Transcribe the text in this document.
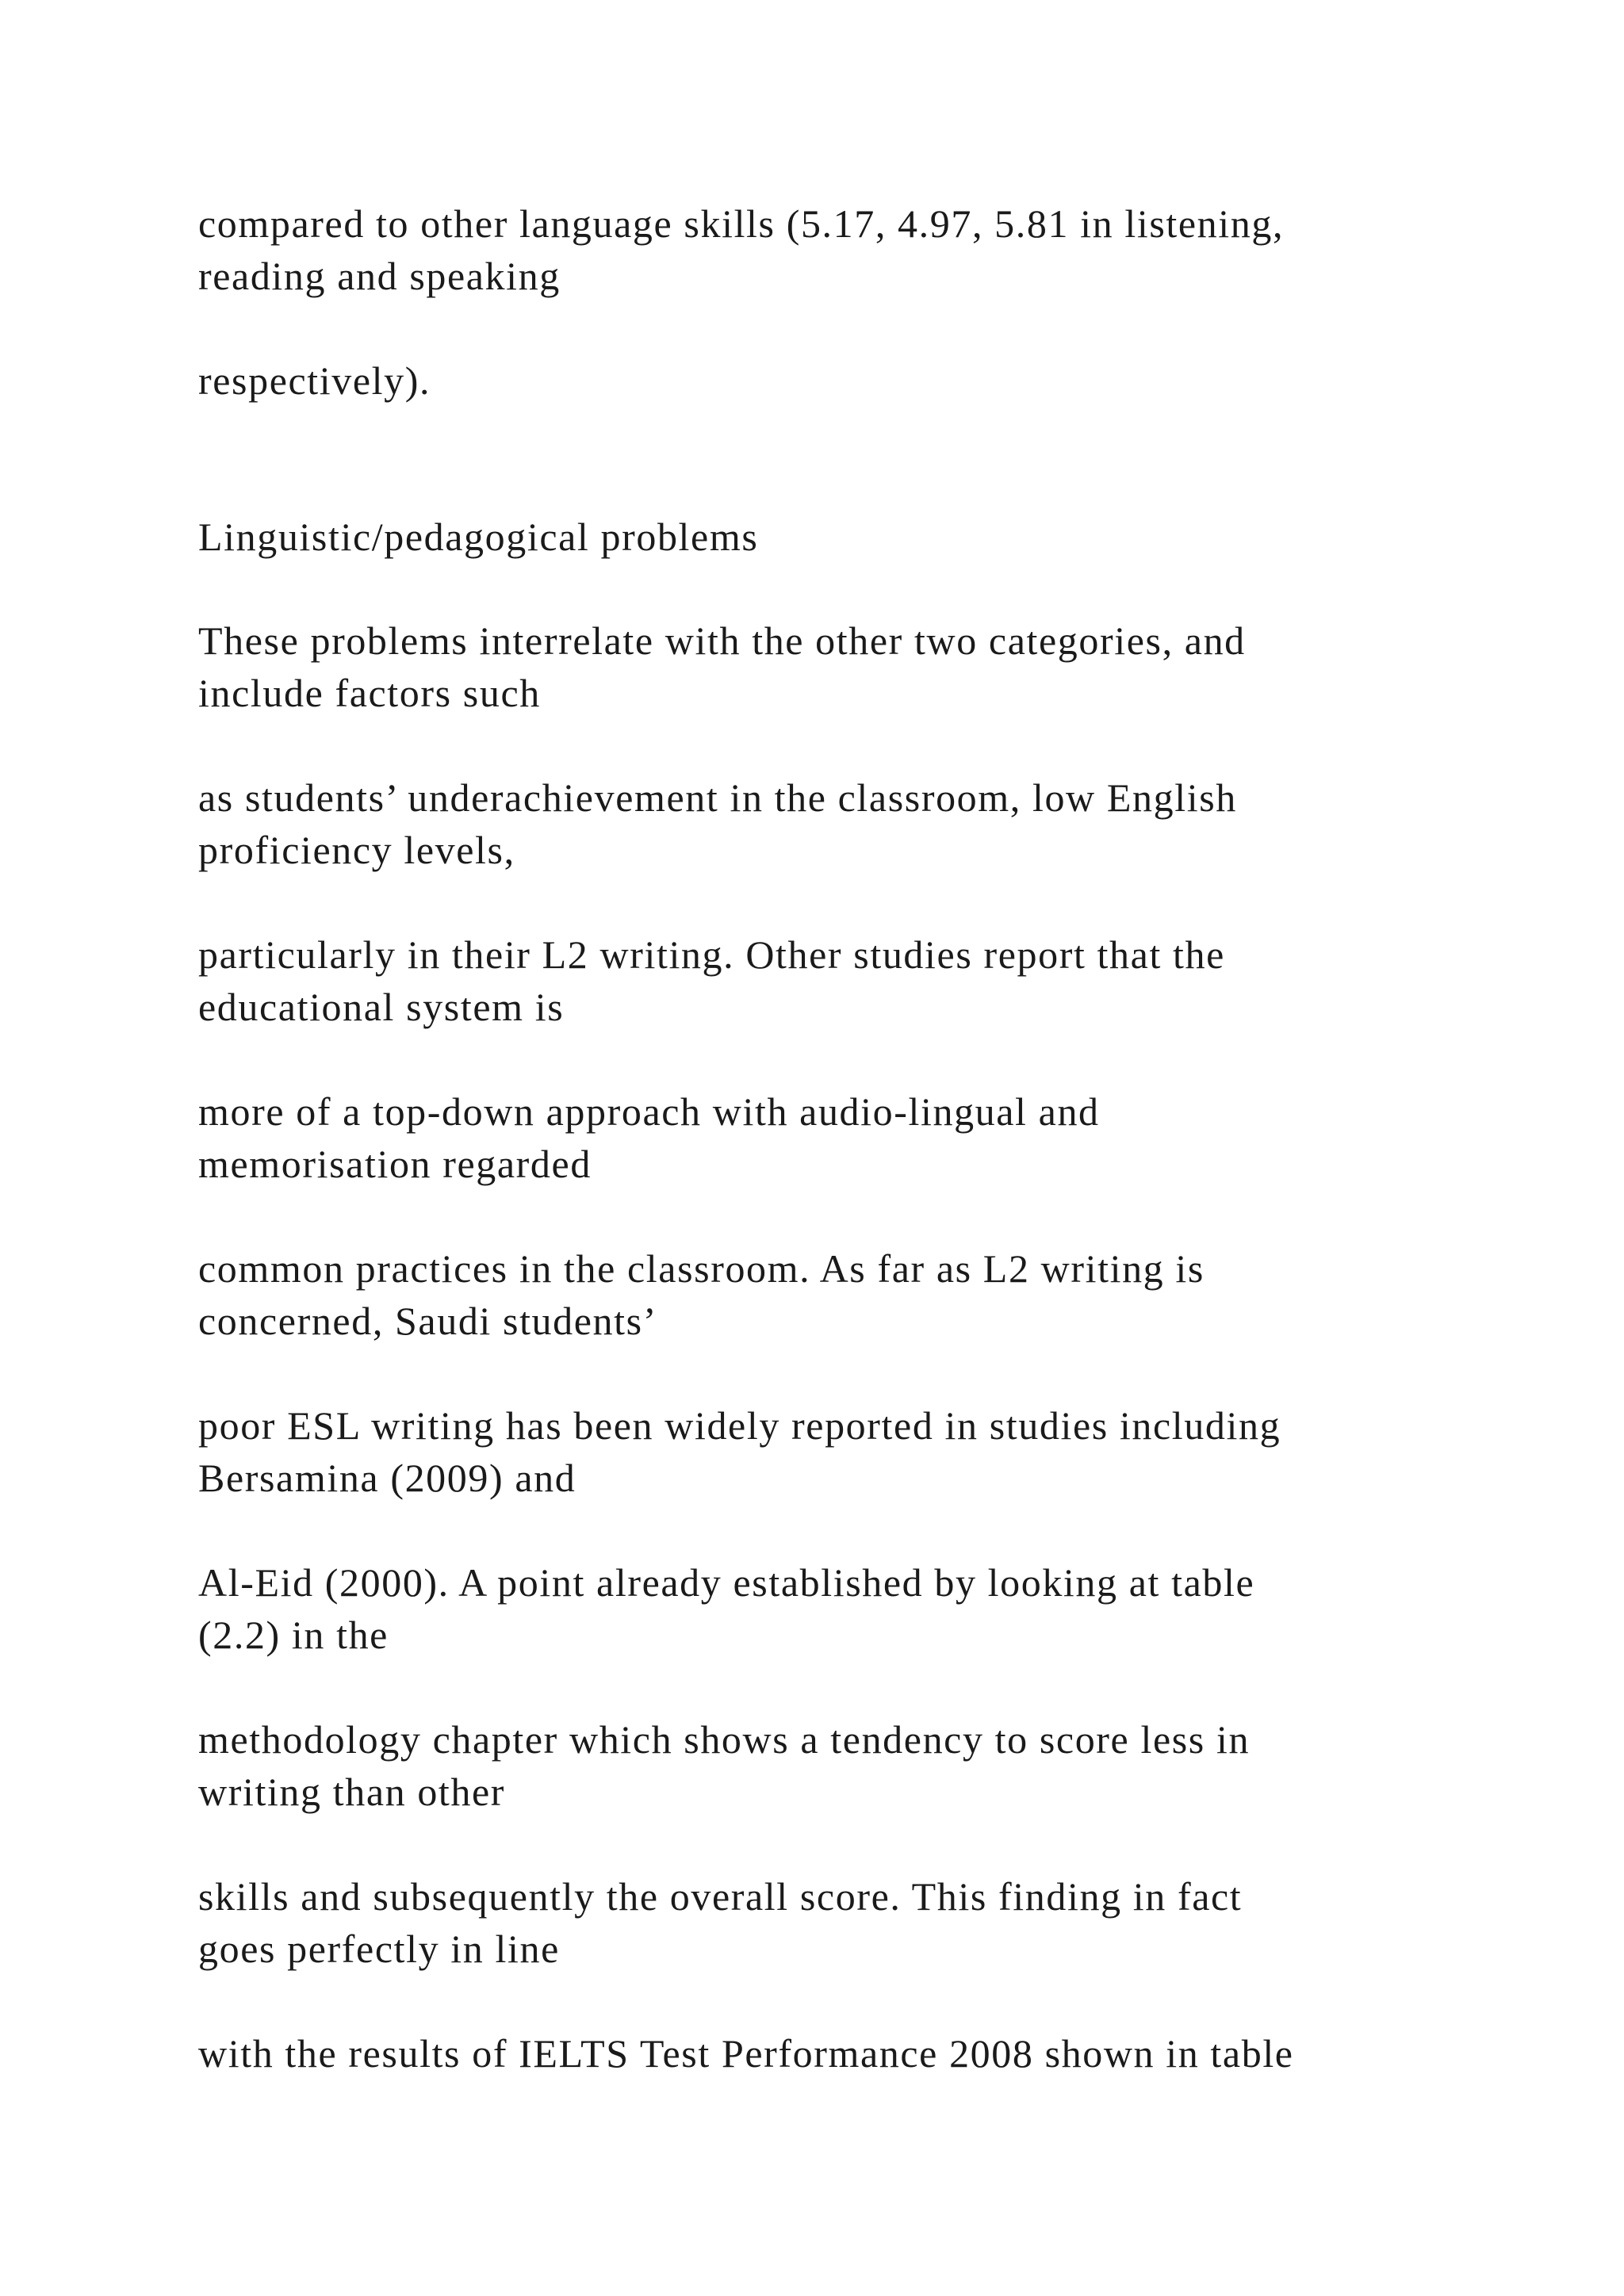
compared to other language skills (5.17, 4.97, 5.81 in listening,
reading and speaking

respectively).

Linguistic/pedagogical problems

These problems interrelate with the other two categories, and
include factors such

as students’ underachievement in the classroom, low English
proficiency levels,

particularly in their L2 writing. Other studies report that the
educational system is

more of a top-down approach with audio-lingual and
memorisation regarded

common practices in the classroom. As far as L2 writing is
concerned, Saudi students’

poor ESL writing has been widely reported in studies including
Bersamina (2009) and

Al-Eid (2000). A point already established by looking at table
(2.2) in the

methodology chapter which shows a tendency to score less in
writing than other

skills and subsequently the overall score. This finding in fact
goes perfectly in line

with the results of IELTS Test Performance 2008 shown in table
